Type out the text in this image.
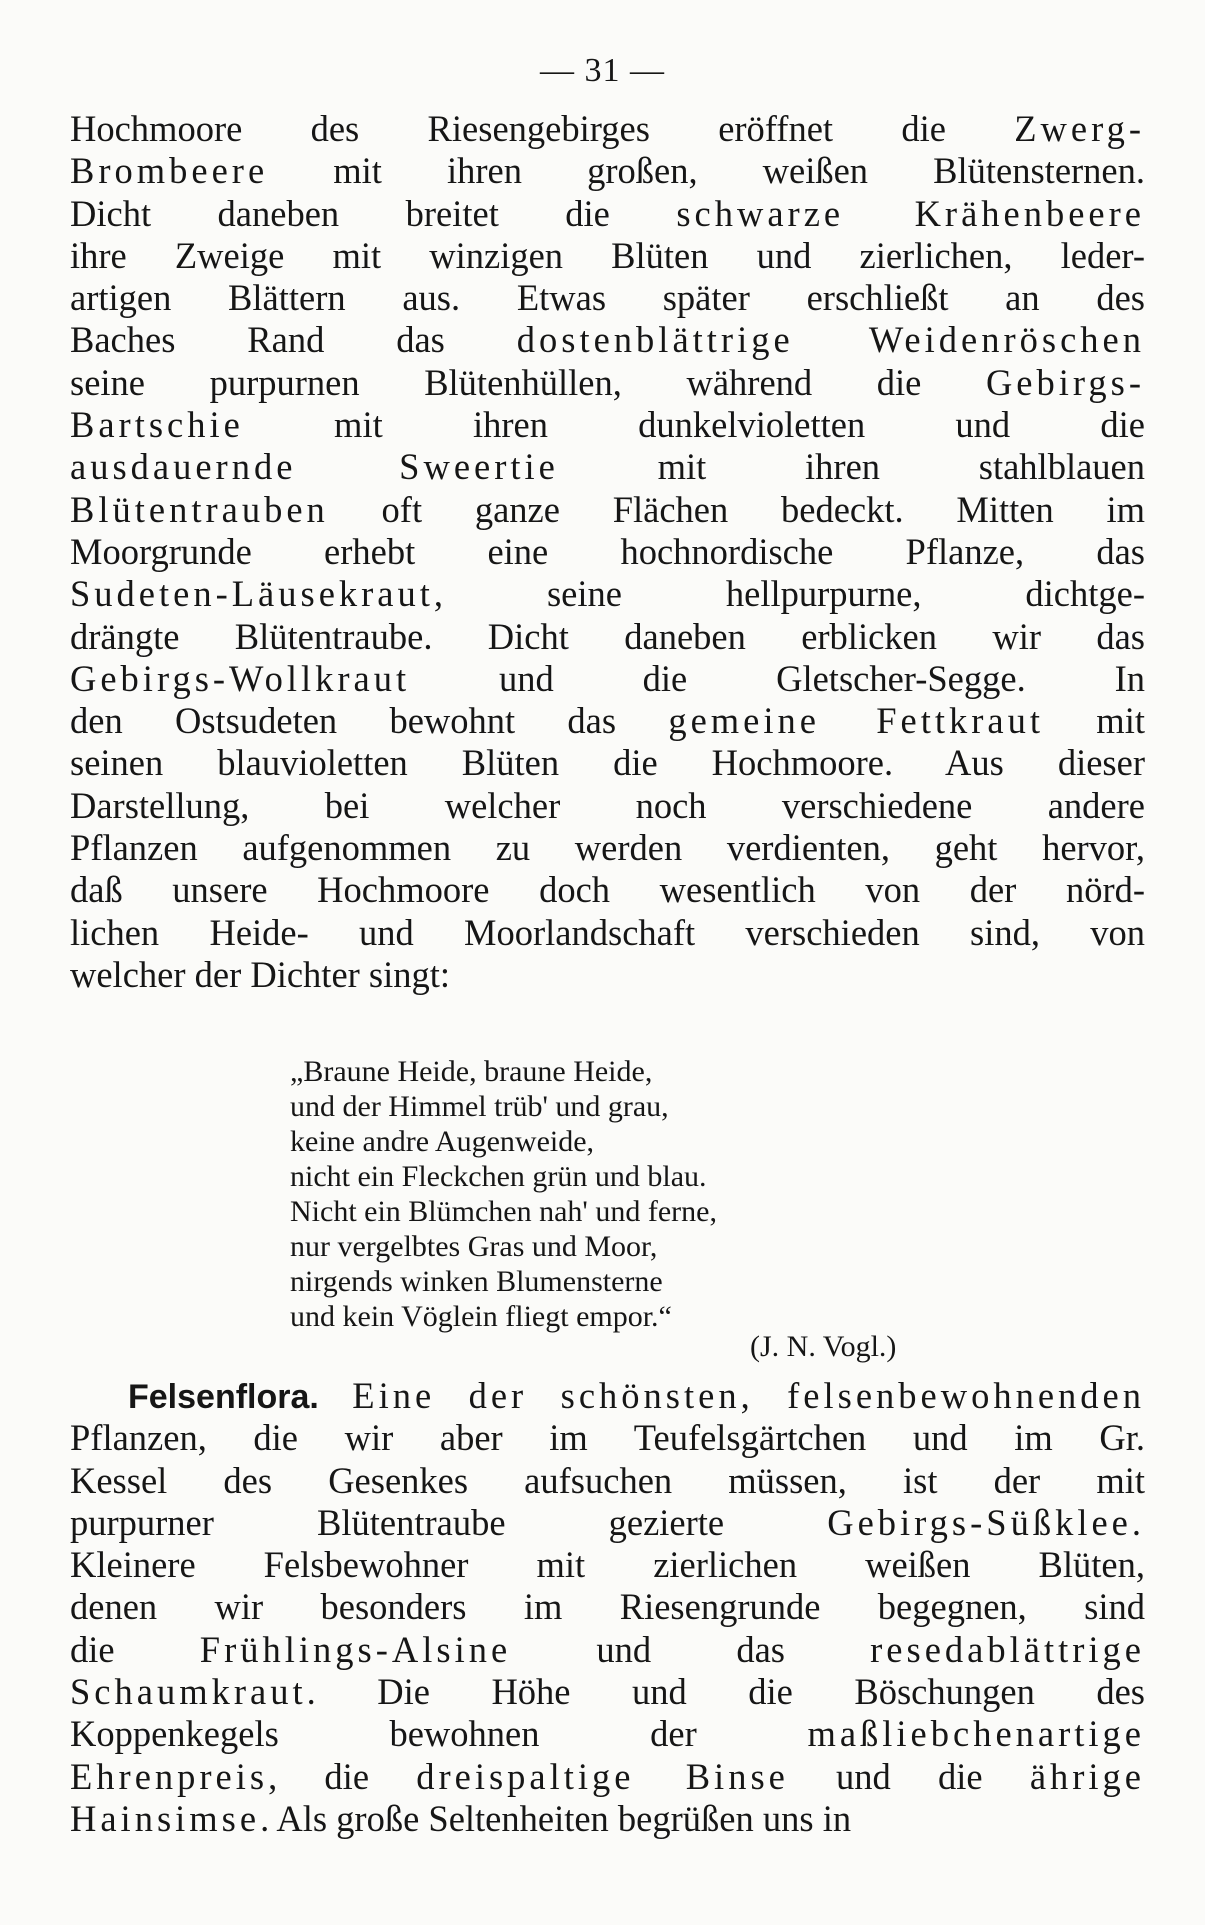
— 31 —
Hochmoore des Riesengebirges eröffnet die Zwerg-
Brombeere mit ihren großen, weißen Blütensternen.
Dicht daneben breitet die schwarze Krähenbeere
ihre Zweige mit winzigen Blüten und zierlichen, leder-
artigen Blättern aus. Etwas später erschließt an des
Baches Rand das dostenblättrige Weidenröschen
seine purpurnen Blütenhüllen, während die Gebirgs-
Bartschie mit ihren dunkelvioletten und die
ausdauernde Sweertie mit ihren stahlblauen
Blütentrauben oft ganze Flächen bedeckt. Mitten im
Moorgrunde erhebt eine hochnordische Pflanze, das
Sudeten-Läusekraut, seine hellpurpurne, dichtge-
drängte Blütentraube. Dicht daneben erblicken wir das
Gebirgs-Wollkraut und die Gletscher-Segge. In
den Ostsudeten bewohnt das gemeine Fettkraut mit
seinen blauvioletten Blüten die Hochmoore. Aus dieser
Darstellung, bei welcher noch verschiedene andere
Pflanzen aufgenommen zu werden verdienten, geht hervor,
daß unsere Hochmoore doch wesentlich von der nörd-
lichen Heide- und Moorlandschaft verschieden sind, von
welcher der Dichter singt:
„Braune Heide, braune Heide,
und der Himmel trüb' und grau,
keine andre Augenweide,
nicht ein Fleckchen grün und blau.
Nicht ein Blümchen nah' und ferne,
nur vergelbtes Gras und Moor,
nirgends winken Blumensterne
und kein Vöglein fliegt empor.“
(J. N. Vogl.)
Felsenflora. Eine der schönsten, felsenbewohnenden
Pflanzen, die wir aber im Teufelsgärtchen und im Gr.
Kessel des Gesenkes aufsuchen müssen, ist der mit
purpurner Blütentraube gezierte Gebirgs-Süßklee.
Kleinere Felsbewohner mit zierlichen weißen Blüten,
denen wir besonders im Riesengrunde begegnen, sind
die Frühlings-Alsine und das resedablättrige
Schaumkraut. Die Höhe und die Böschungen des
Koppenkegels bewohnen der maßliebchenartige
Ehrenpreis, die dreispaltige Binse und die ährige
Hainsimse. Als große Seltenheiten begrüßen uns in
